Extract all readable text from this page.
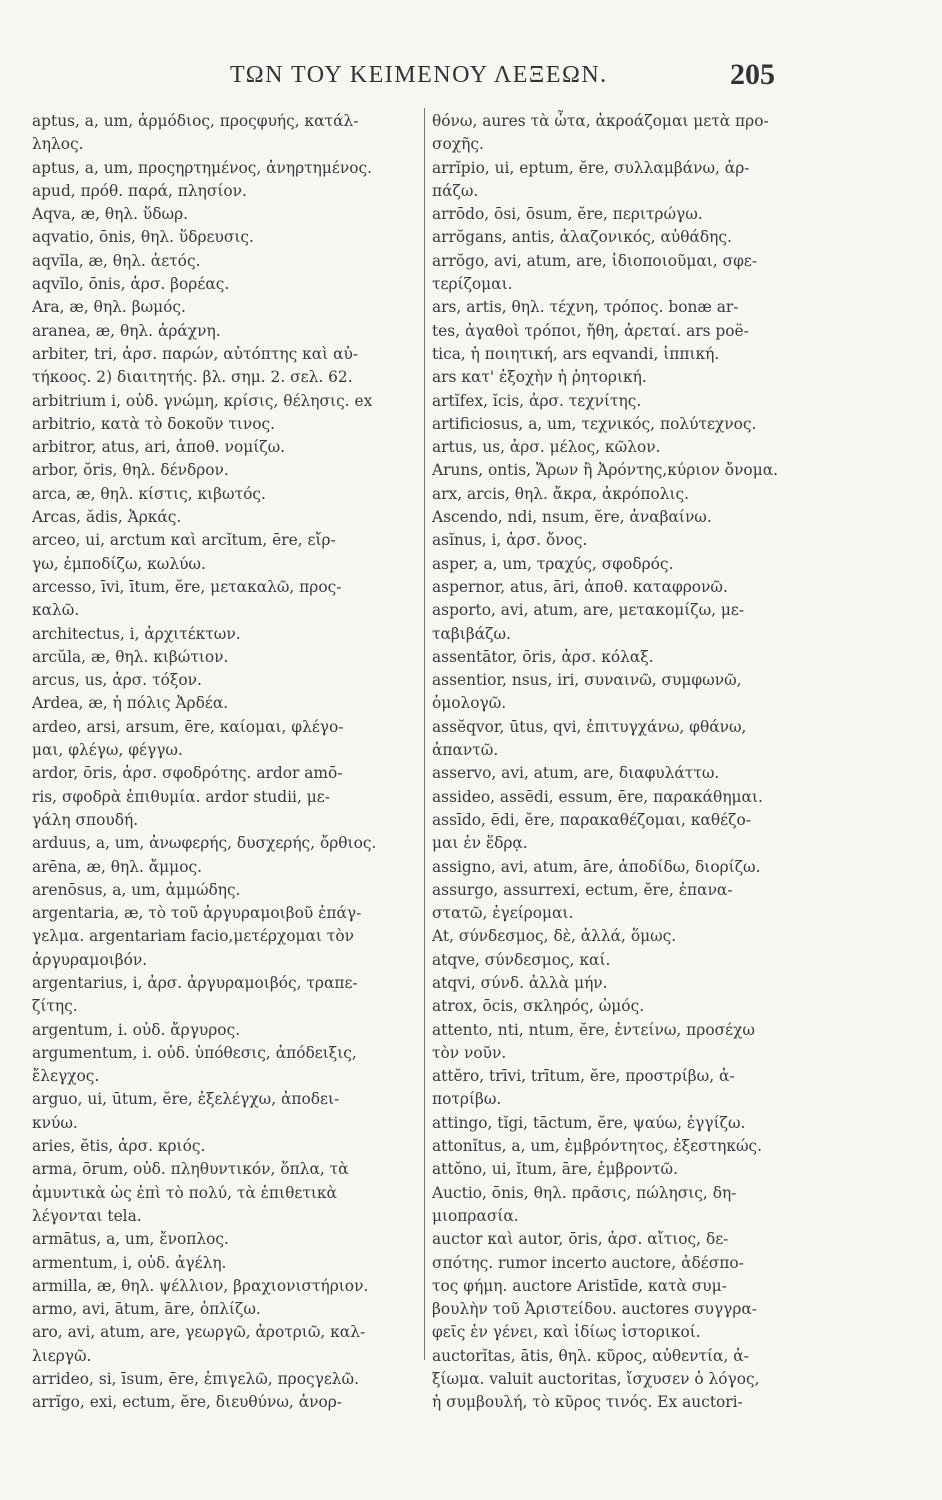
ΤΩΝ ΤΟΥ ΚΕΙΜΕΝΟΥ ΛΕΞΕΩΝ.	205
aptus, a, um, ἁρμόδιος, προςφυής, κατάλ-
ληλος.
aptus, a, um, προςηρτημένος, ἀνηρτημένος.
apud, πρόθ. παρά, πλησίον.
Aqva, æ, θηλ. ὕδωρ.
aqvatio, ōnis, θηλ. ὕδρευσις.
aqvĭla, æ, θηλ. ἀετός.
aqvĭlo, ōnis, ἀρσ. βορέας.
Ara, æ, θηλ. βωμός.
aranea, æ, θηλ. ἀράχνη.
arbiter, tri, ἀρσ. παρών, αὐτόπτης καὶ αὐ-
τήκοος. 2) διαιτητής. βλ. σημ. 2. σελ. 62.
arbitrium i, οὐδ. γνώμη, κρίσις, θέλησις. ex
arbitrio, κατὰ τὸ δοκοῦν τινος.
arbitror, atus, ari, ἀποθ. νομίζω.
arbor, ŏris, θηλ. δένδρον.
arca, æ, θηλ. κίστις, κιβωτός.
Arcas, ădis, Ἀρκάς.
arceo, ui, arctum καὶ arcĭtum, ēre, εἴρ-
γω, ἐμποδίζω, κωλύω.
arcesso, īvi, ītum, ĕre, μετακαλῶ, προς-
καλῶ.
architectus, i, ἀρχιτέκτων.
arcŭla, æ, θηλ. κιβώτιον.
arcus, us, ἀρσ. τόξον.
Ardea, æ, ἡ πόλις Ἀρδέα.
ardeo, arsi, arsum, ēre, καίομαι, φλέγο-
μαι, φλέγω, φέγγω.
ardor, ōris, ἀρσ. σφοδρότης. ardor amō-
ris, σφοδρὰ ἐπιθυμία. ardor studii, με-
γάλη σπουδή.
arduus, a, um, ἀνωφερής, δυσχερής, ὄρθιος.
arēna, æ, θηλ. ἄμμος.
arenōsus, a, um, ἀμμώδης.
argentaria, æ, τὸ τοῦ ἀργυραμοιβοῦ ἐπάγ-
γελμα. argentariam facio,μετέρχομαι τὸν
ἀργυραμοιβόν.
argentarius, i, ἀρσ. ἀργυραμοιβός, τραπε-
ζίτης.
argentum, i. οὐδ. ἄργυρος.
argumentum, i. οὐδ. ὑπόθεσις, ἀπόδειξις,
ἔλεγχος.
arguo, ui, ūtum, ĕre, ἐξελέγχω, ἀποδει-
κνύω.
aries, ĕtis, ἀρσ. κριός.
arma, ōrum, οὐδ. πληθυντικόν, ὅπλα, τὰ
ἀμυντικὰ ὡς ἐπὶ τὸ πολύ, τὰ ἐπιθετικὰ
λέγονται tela.
armātus, a, um, ἔνοπλος.
armentum, i, οὐδ. ἀγέλη.
armilla, æ, θηλ. ψέλλιον, βραχιονιστήριον.
armo, avi, ātum, āre, ὁπλίζω.
aro, avi, atum, are, γεωργῶ, ἀροτριῶ, καλ-
λιεργῶ.
arrideo, si, īsum, ēre, ἐπιγελῶ, προςγελῶ.
arrĭgo, exi, ectum, ĕre, διευθύνω, ἀνορ-
θόνω, aures τὰ ὦτα, ἀκροάζομαι μετὰ προ-
σοχῆς.
arrĭpio, ui, eptum, ĕre, συλλαμβάνω, ἁρ-
πάζω.
arrōdo, ōsi, ōsum, ĕre, περιτρώγω.
arrŏgans, antis, ἀλαζονικός, αὐθάδης.
arrŏgo, avi, atum, are, ἰδιοποιοῦμαι, σφε-
τερίζομαι.
ars, artis, θηλ. τέχνη, τρόπος. bonæ ar-
tes, ἀγαθοὶ τρόποι, ἤθη, ἀρεταί. ars poë-
tica, ἡ ποιητική, ars eqvandi, ἱππική.
ars κατ' ἐξοχὴν ἡ ῥητορική.
artĭfex, ĭcis, ἀρσ. τεχνίτης.
artificiosus, a, um, τεχνικός, πολύτεχνος.
artus, us, ἀρσ. μέλος, κῶλον.
Aruns, ontis, Ἄρων ἢ Ἀρόντης,κύριον ὄνομα.
arx, arcis, θηλ. ἄκρα, ἀκρόπολις.
Ascendo, ndi, nsum, ĕre, ἀναβαίνω.
asĭnus, i, ἀρσ. ὄνος.
asper, a, um, τραχύς, σφοδρός.
aspernor, atus, āri, ἀποθ. καταφρονῶ.
asporto, avi, atum, are, μετακομίζω, με-
ταβιβάζω.
assentātor, ōris, ἀρσ. κόλαξ.
assentior, nsus, iri, συναινῶ, συμφωνῶ,
ὁμολογῶ.
assĕqvor, ūtus, qvi, ἐπιτυγχάνω, φθάνω,
ἀπαντῶ.
asservo, avi, atum, are, διαφυλάττω.
assideo, assēdi, essum, ēre, παρακάθημαι.
assīdo, ēdi, ĕre, παρακαθέζομαι, καθέζο-
μαι ἐν ἕδρᾳ.
assigno, avi, atum, āre, ἀποδίδω, διορίζω.
assurgo, assurrexi, ectum, ĕre, ἐπανα-
στατῶ, ἐγείρομαι.
At, σύνδεσμος, δὲ, ἀλλά, ὅμως.
atqve, σύνδεσμος, καί.
atqvi, σύνδ. ἀλλὰ μήν.
atrox, ōcis, σκληρός, ὠμός.
attento, nti, ntum, ĕre, ἐντείνω, προσέχω
τὸν νοῦν.
attĕro, trīvi, trītum, ĕre, προστρίβω, ἀ-
ποτρίβω.
attingo, tĭgi, tāctum, ĕre, ψαύω, ἐγγίζω.
attonĭtus, a, um, ἐμβρόντητος, ἐξεστηκώς.
attŏno, ui, ĭtum, āre, ἐμβροντῶ.
Auctio, ōnis, θηλ. πρᾶσις, πώλησις, δη-
μιοπρασία.
auctor καὶ autor, ōris, ἀρσ. αἴτιος, δε-
σπότης. rumor incerto auctore, ἀδέσπο-
τος φήμη. auctore Aristīde, κατὰ συμ-
βουλὴν τοῦ Ἀριστείδου. auctores συγγρα-
φεῖς ἐν γένει, καὶ ἰδίως ἱστορικοί.
auctorĭtas, ātis, θηλ. κῦρος, αὐθεντία, ἀ-
ξίωμα. valuit auctoritas, ἴσχυσεν ὁ λόγος,
ἡ συμβουλή, τὸ κῦρος τινός. Ex auctori-
